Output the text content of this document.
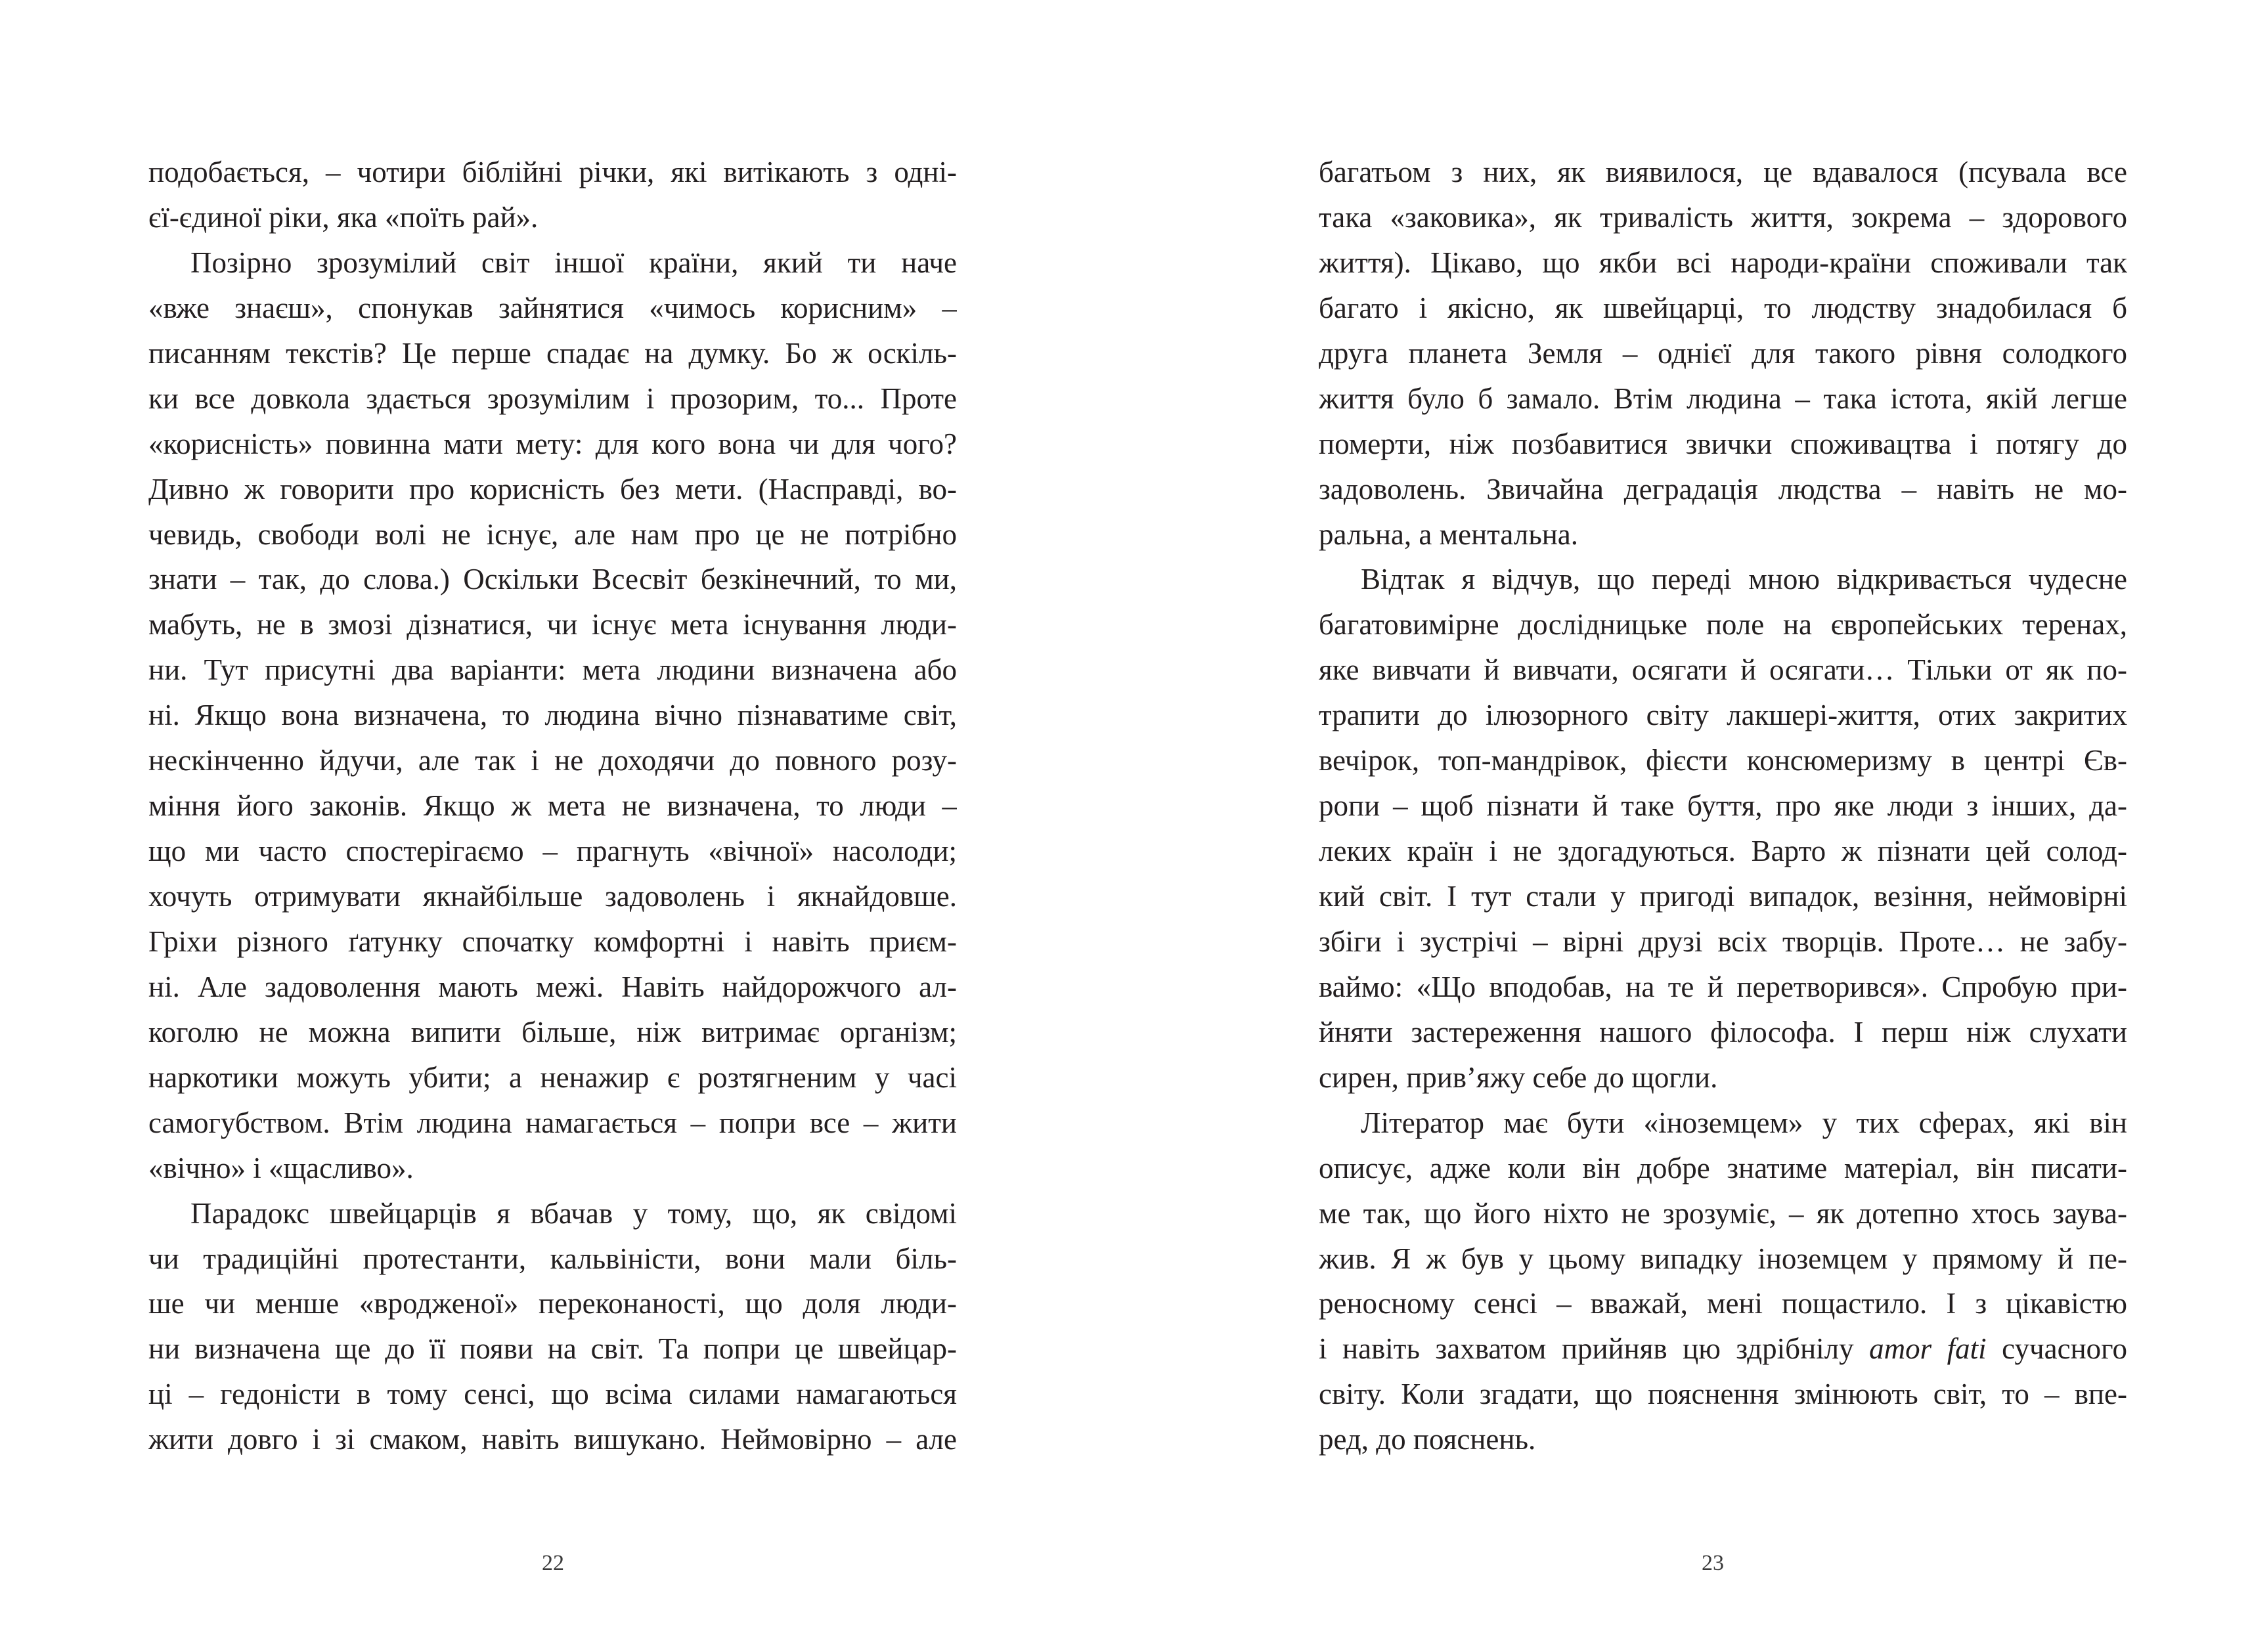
подобається, – чотири біблійні річки, які витікають з одні-
єї-єдиної ріки, яка «поїть рай».
Позірно зрозумілий світ іншої країни, який ти наче
«вже знаєш», спонукав зайнятися «чимось корисним» –
писанням текстів? Це перше спадає на думку. Бо ж оскіль-
ки все довкола здається зрозумілим і прозорим, то... Проте
«корисність» повинна мати мету: для кого вона чи для чого?
Дивно ж говорити про корисність без мети. (Насправді, во-
чевидь, свободи волі не існує, але нам про це не потрібно
знати – так, до слова.) Оскільки Всесвіт безкінечний, то ми,
мабуть, не в змозі дізнатися, чи існує мета існування люди-
ни. Тут присутні два варіанти: мета людини визначена або
ні. Якщо вона визначена, то людина вічно пізнаватиме світ,
нескінченно йдучи, але так і не доходячи до повного розу-
міння його законів. Якщо ж мета не визначена, то люди –
що ми часто спостерігаємо – прагнуть «вічної» насолоди;
хочуть отримувати якнайбільше задоволень і якнайдовше.
Гріхи різного ґатунку спочатку комфортні і навіть приєм-
ні. Але задоволення мають межі. Навіть найдорожчого ал-
коголю не можна випити більше, ніж витримає організм;
наркотики можуть убити; а ненажир є розтягненим у часі
самогубством. Втім людина намагається – попри все – жити
«вічно» і «щасливо».
Парадокс швейцарців я вбачав у тому, що, як свідомі
чи традиційні протестанти, кальвіністи, вони мали біль-
ше чи менше «вродженої» переконаності, що доля люди-
ни визначена ще до її появи на світ. Та попри це швейцар-
ці – гедоністи в тому сенсі, що всіма силами намагаються
жити довго і зі смаком, навіть вишукано. Неймовірно – але
22
багатьом з них, як виявилося, це вдавалося (псувала все
така «заковика», як тривалість життя, зокрема – здорового
життя). Цікаво, що якби всі народи-країни споживали так
багато і якісно, як швейцарці, то людству знадобилася б
друга планета Земля – однієї для такого рівня солодкого
життя було б замало. Втім людина – така істота, якій легше
померти, ніж позбавитися звички споживацтва і потягу до
задоволень. Звичайна деградація людства – навіть не мо-
ральна, а ментальна.
Відтак я відчув, що переді мною відкривається чудесне
багатовимірне дослідницьке поле на європейських теренах,
яке вивчати й вивчати, осягати й осягати… Тільки от як по-
трапити до ілюзорного світу лакшері-життя, отих закритих
вечірок, топ-мандрівок, фієсти консюмеризму в центрі Єв-
ропи – щоб пізнати й таке буття, про яке люди з інших, да-
леких країн і не здогадуються. Варто ж пізнати цей солод-
кий світ. І тут стали у пригоді випадок, везіння, неймовірні
збіги і зустрічі – вірні друзі всіх творців. Проте… не забу-
ваймо: «Що вподобав, на те й перетворився». Спробую при-
йняти застереження нашого філософа. І перш ніж слухати
сирен, прив’яжу себе до щогли.
Літератор має бути «іноземцем» у тих сферах, які він
описує, адже коли він добре знатиме матеріал, він писати-
ме так, що його ніхто не зрозуміє, – як дотепно хтось заува-
жив. Я ж був у цьому випадку іноземцем у прямому й пе-
реносному сенсі – вважай, мені пощастило. І з цікавістю
і навіть захватом прийняв цю здрібнілу amor fati сучасного
світу. Коли згадати, що пояснення змінюють світ, то – впе-
ред, до пояснень.
23
